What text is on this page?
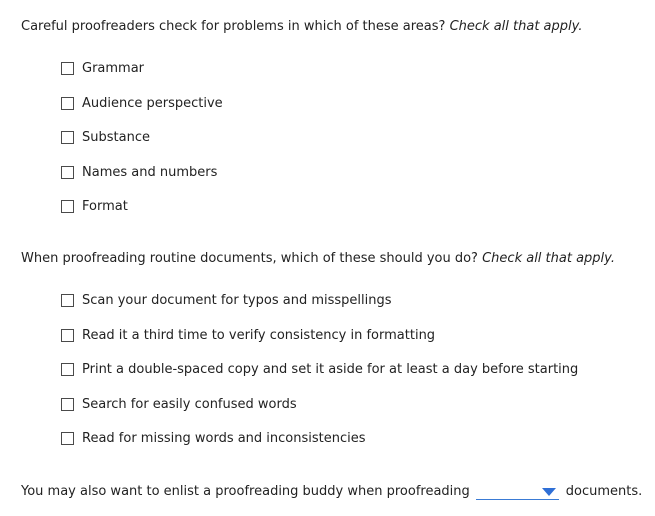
Careful proofreaders check for problems in which of these areas? Check all that apply.
Grammar
Audience perspective
Substance
Names and numbers
Format
When proofreading routine documents, which of these should you do? Check all that apply.
Scan your document for typos and misspellings
Read it a third time to verify consistency in formatting
Print a double-spaced copy and set it aside for at least a day before starting
Search for easily confused words
Read for missing words and inconsistencies
You may also want to enlist a proofreading buddy when proofreading	documents.
